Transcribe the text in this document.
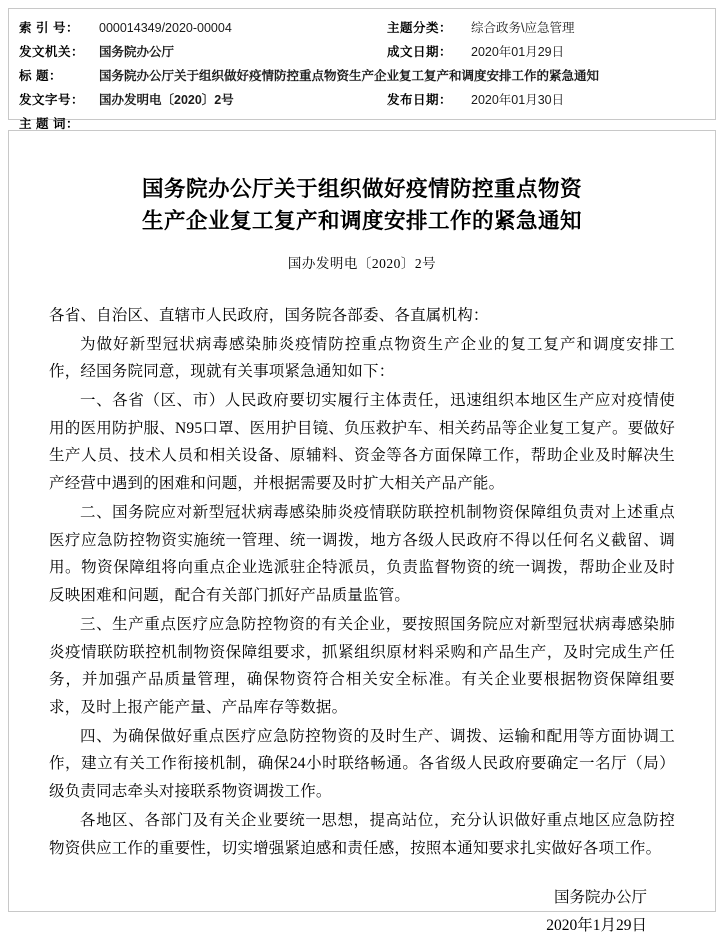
索 引 号：	000014349/2020-00004		主题分类：	综合政务\应急管理
发文机关：	国务院办公厅		成文日期：	2020年01月29日
标 题：	国务院办公厅关于组织做好疫情防控重点物资生产企业复工复产和调度安排工作的紧急通知			
发文字号：	国办发明电〔2020〕2号		发布日期：	2020年01月30日
主 题 词：				
国务院办公厅关于组织做好疫情防控重点物资
生产企业复工复产和调度安排工作的紧急通知
国办发明电〔2020〕2号

各省、自治区、直辖市人民政府，国务院各部委、各直属机构：

为做好新型冠状病毒感染肺炎疫情防控重点物资生产企业的复工复产和调度安排工作，经国务院同意，现就有关事项紧急通知如下：

一、各省（区、市）人民政府要切实履行主体责任，迅速组织本地区生产应对疫情使用的医用防护服、N95口罩、医用护目镜、负压救护车、相关药品等企业复工复产。要做好生产人员、技术人员和相关设备、原辅料、资金等各方面保障工作，帮助企业及时解决生产经营中遇到的困难和问题，并根据需要及时扩大相关产品产能。

二、国务院应对新型冠状病毒感染肺炎疫情联防联控机制物资保障组负责对上述重点医疗应急防控物资实施统一管理、统一调拨，地方各级人民政府不得以任何名义截留、调用。物资保障组将向重点企业选派驻企特派员，负责监督物资的统一调拨，帮助企业及时反映困难和问题，配合有关部门抓好产品质量监管。

三、生产重点医疗应急防控物资的有关企业，要按照国务院应对新型冠状病毒感染肺炎疫情联防联控机制物资保障组要求，抓紧组织原材料采购和产品生产，及时完成生产任务，并加强产品质量管理，确保物资符合相关安全标准。有关企业要根据物资保障组要求，及时上报产能产量、产品库存等数据。

四、为确保做好重点医疗应急防控物资的及时生产、调拨、运输和配用等方面协调工作，建立有关工作衔接机制，确保24小时联络畅通。各省级人民政府要确定一名厅（局）级负责同志牵头对接联系物资调拨工作。

各地区、各部门及有关企业要统一思想，提高站位，充分认识做好重点地区应急防控物资供应工作的重要性，切实增强紧迫感和责任感，按照本通知要求扎实做好各项工作。

国务院办公厅
2020年1月29日
